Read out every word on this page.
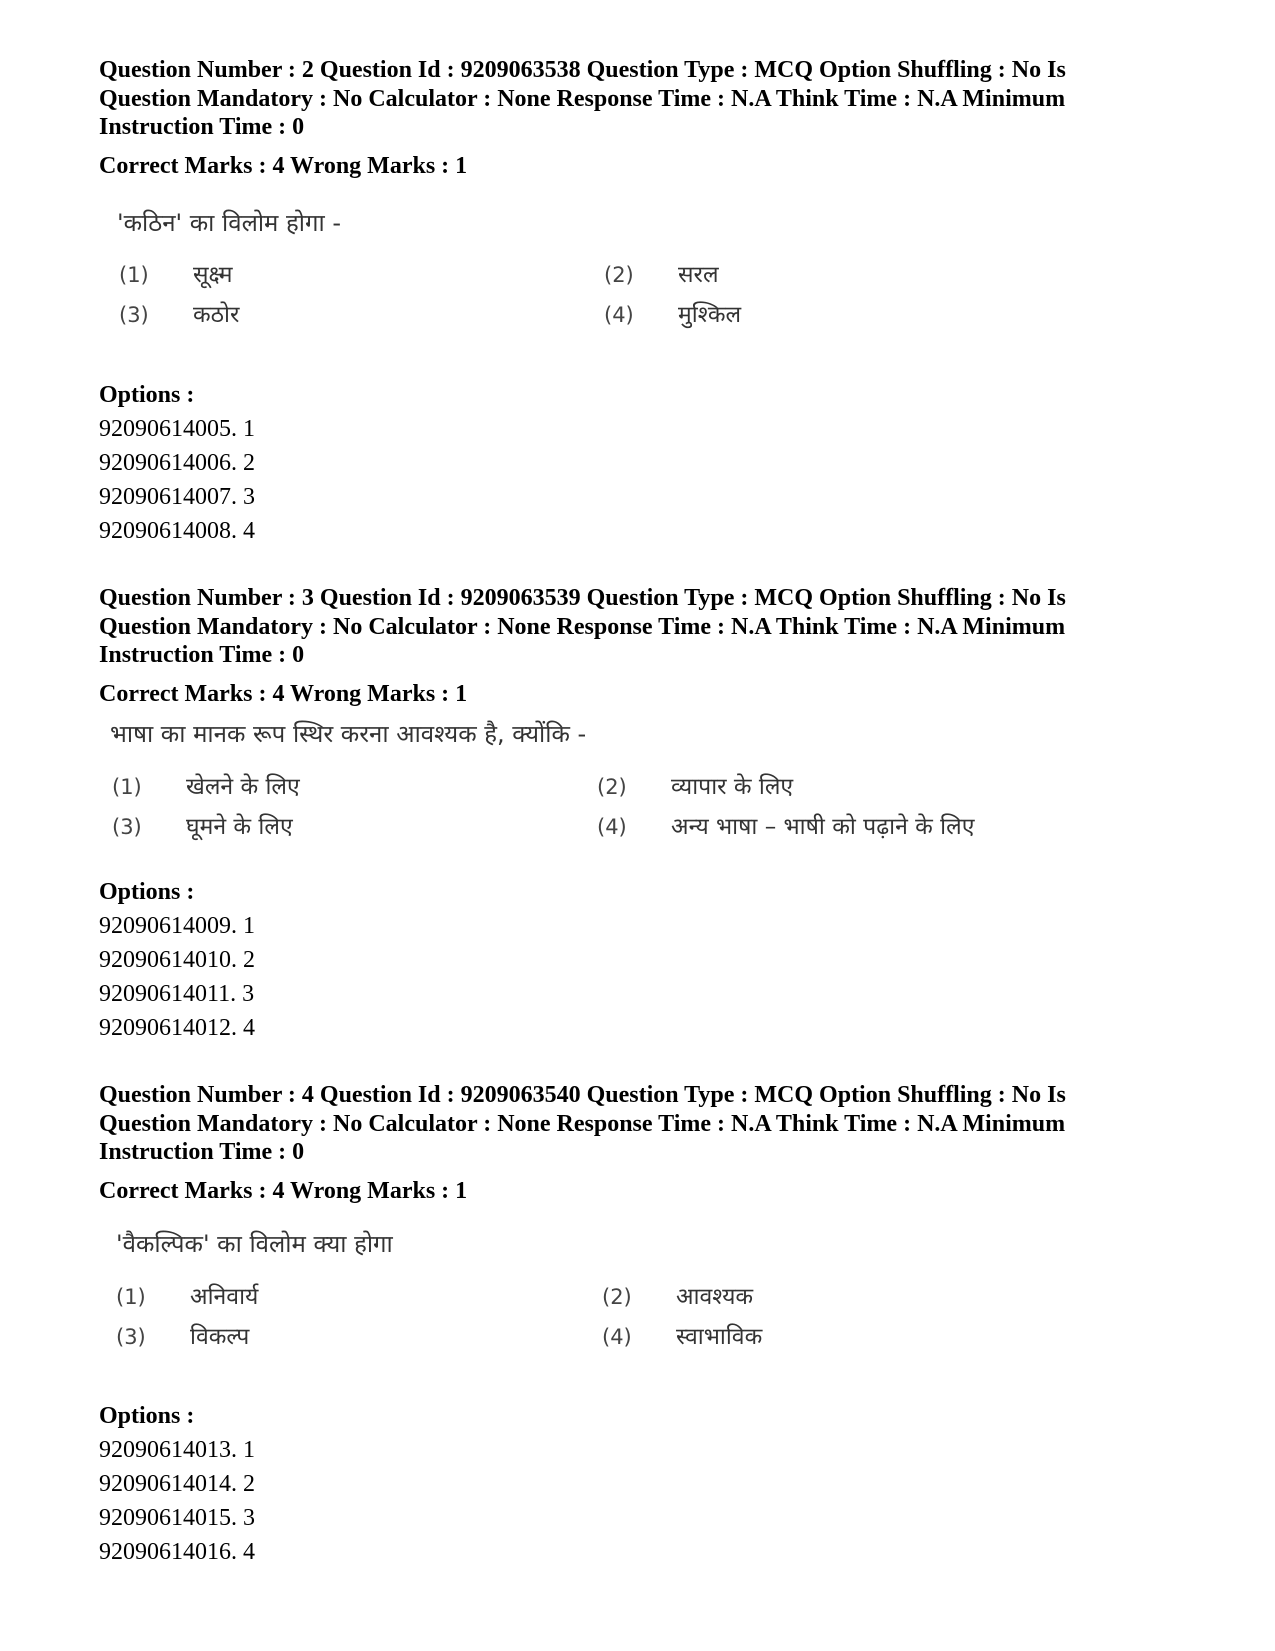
Question Number : 2 Question Id : 9209063538 Question Type : MCQ Option Shuffling : No Is Question Mandatory : No Calculator : None Response Time : N.A Think Time : N.A Minimum Instruction Time : 0

Correct Marks : 4 Wrong Marks : 1
'कठिन' का विलोम होगा -
(1) सूक्ष्म	(2) सरल
(3) कठोर	(4) मुश्किल
Options :
92090614005. 1
92090614006. 2
92090614007. 3
92090614008. 4

Question Number : 3 Question Id : 9209063539 Question Type : MCQ Option Shuffling : No Is Question Mandatory : No Calculator : None Response Time : N.A Think Time : N.A Minimum Instruction Time : 0

Correct Marks : 4 Wrong Marks : 1
भाषा का मानक रूप स्थिर करना आवश्यक है, क्योंकि -
(1) खेलने के लिए	(2) व्यापार के लिए
(3) घूमने के लिए	(4) अन्य भाषा – भाषी को पढ़ाने के लिए
Options :
92090614009. 1
92090614010. 2
92090614011. 3
92090614012. 4

Question Number : 4 Question Id : 9209063540 Question Type : MCQ Option Shuffling : No Is Question Mandatory : No Calculator : None Response Time : N.A Think Time : N.A Minimum Instruction Time : 0

Correct Marks : 4 Wrong Marks : 1
'वैकल्पिक' का विलोम क्या होगा
(1) अनिवार्य	(2) आवश्यक
(3) विकल्प	(4) स्वाभाविक
Options :
92090614013. 1
92090614014. 2
92090614015. 3
92090614016. 4
